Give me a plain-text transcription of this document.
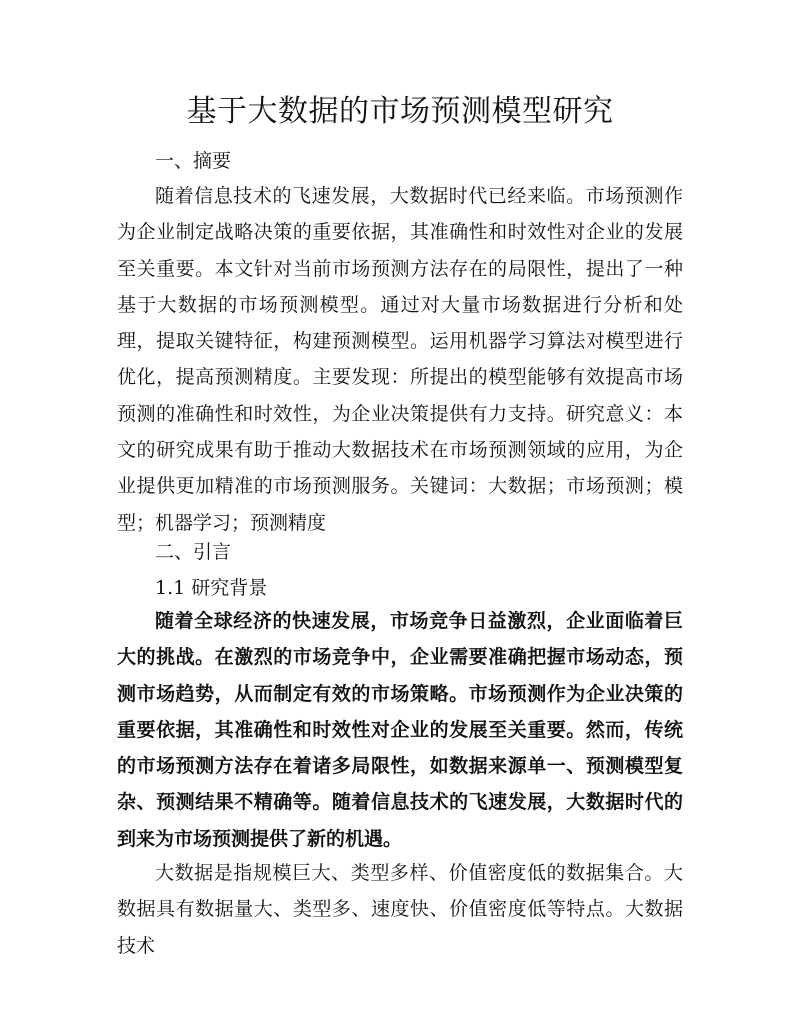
基于大数据的市场预测模型研究
一、摘要

随着信息技术的飞速发展，大数据时代已经来临。市场预测作为企业制定战略决策的重要依据，其准确性和时效性对企业的发展至关重要。本文针对当前市场预测方法存在的局限性，提出了一种基于大数据的市场预测模型。通过对大量市场数据进行分析和处理，提取关键特征，构建预测模型。运用机器学习算法对模型进行优化，提高预测精度。主要发现：所提出的模型能够有效提高市场预测的准确性和时效性，为企业决策提供有力支持。研究意义：本文的研究成果有助于推动大数据技术在市场预测领域的应用，为企业提供更加精准的市场预测服务。关键词：大数据；市场预测；模型；机器学习；预测精度

二、引言
1.1 研究背景

随着全球经济的快速发展，市场竞争日益激烈，企业面临着巨大的挑战。在激烈的市场竞争中，企业需要准确把握市场动态，预测市场趋势，从而制定有效的市场策略。市场预测作为企业决策的重要依据，其准确性和时效性对企业的发展至关重要。然而，传统的市场预测方法存在着诸多局限性，如数据来源单一、预测模型复杂、预测结果不精确等。随着信息技术的飞速发展，大数据时代的到来为市场预测提供了新的机遇。

大数据是指规模巨大、类型多样、价值密度低的数据集合。大数据具有数据量大、类型多、速度快、价值密度低等特点。大数据技术
